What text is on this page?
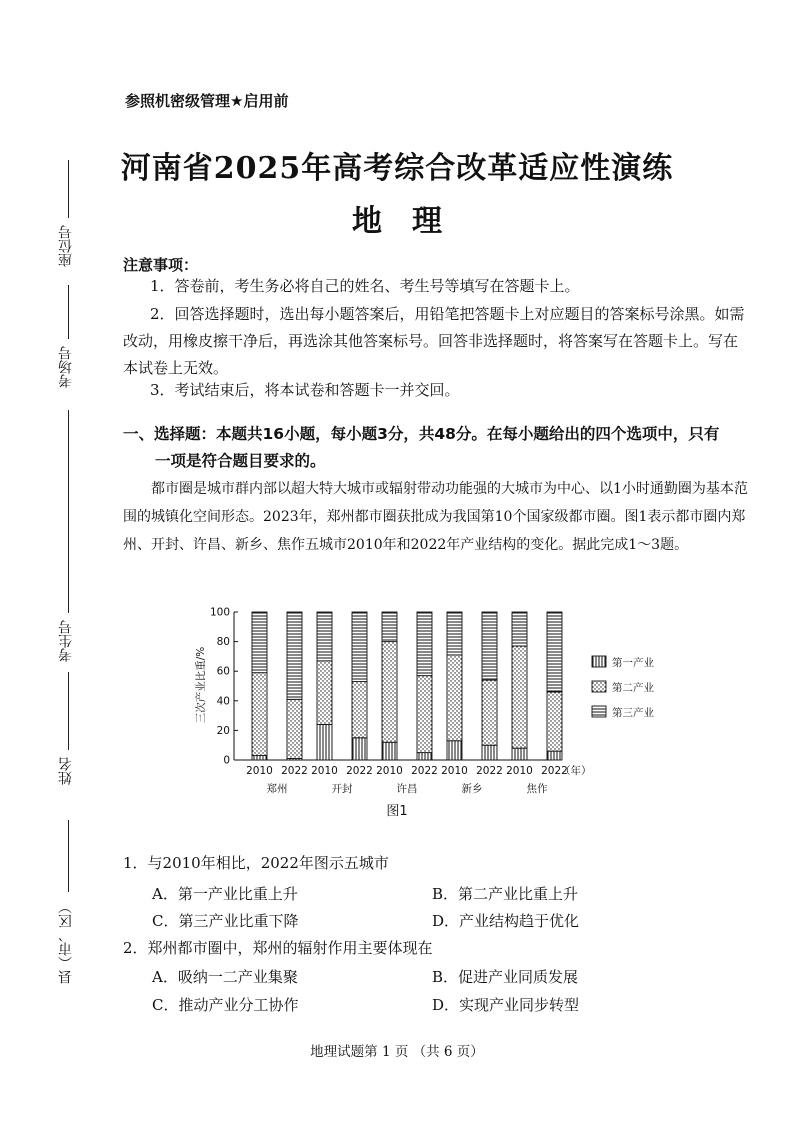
座位号
考场号
考生号
姓名
县（市、区）
参照机密级管理★启用前
河南省2025年高考综合改革适应性演练
地理
注意事项：
1．答卷前，考生务必将自己的姓名、考生号等填写在答题卡上。
2．回答选择题时，选出每小题答案后，用铅笔把答题卡上对应题目的答案标号涂黑。如需改动，用橡皮擦干净后，再选涂其他答案标号。回答非选择题时，将答案写在答题卡上。写在本试卷上无效。
3．考试结束后，将本试卷和答题卡一并交回。
一、选择题：本题共16小题，每小题3分，共48分。在每小题给出的四个选项中，只有
一项是符合题目要求的。
都市圈是城市群内部以超大特大城市或辐射带动功能强的大城市为中心、以1小时通勤圈为基本范围的城镇化空间形态。2023年，郑州都市圈获批成为我国第10个国家级都市圈。图1表示都市圈内郑州、开封、许昌、新乡、焦作五城市2010年和2022年产业结构的变化。据此完成1～3题。
三次产业比重/%
0
20
40
60
80
100
2010 2022
郑州
2010 2022
开封
2010 2022
许昌
2010 2022
新乡
2010 2022
焦作
（年）
第一产业
第二产业
第三产业
图1
1．与2010年相比，2022年图示五城市
A．第一产业比重上升	B．第二产业比重上升
C．第三产业比重下降	D．产业结构趋于优化
2．郑州都市圈中，郑州的辐射作用主要体现在
A．吸纳一二产业集聚	B．促进产业同质发展
C．推动产业分工协作	D．实现产业同步转型
地理试题第 1 页 （共 6 页）
